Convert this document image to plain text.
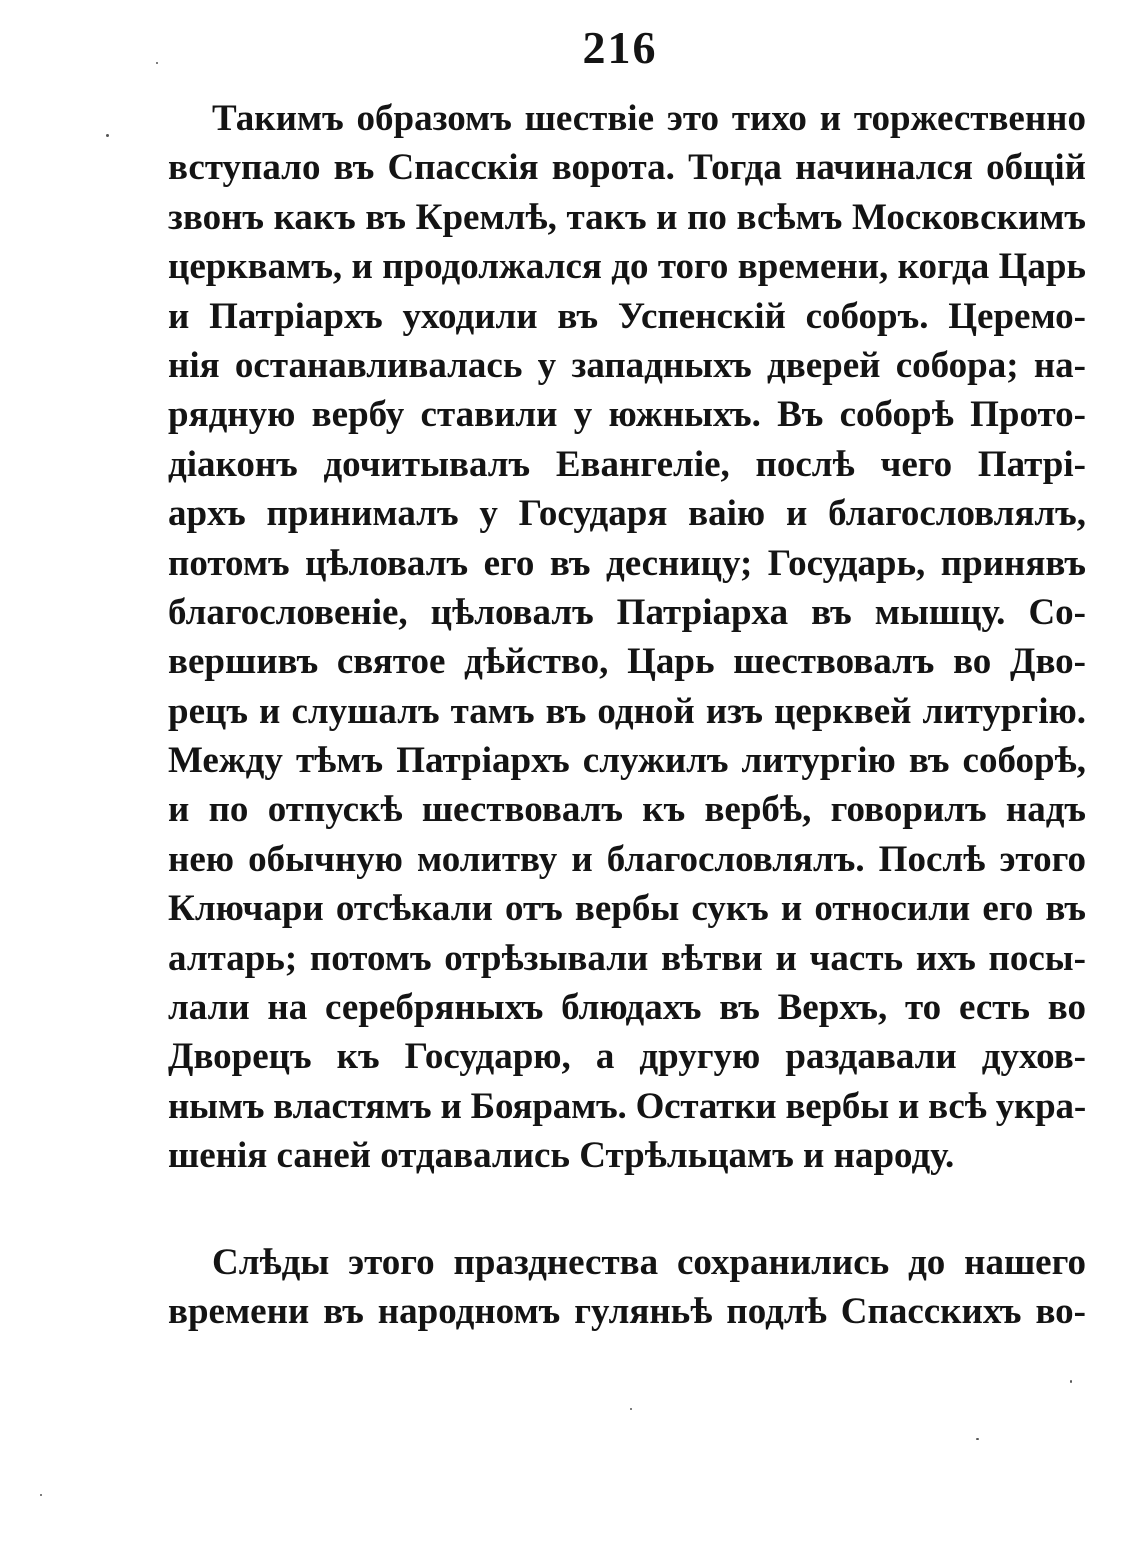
216
Такимъ образомъ шествіе это тихо и торжественно
вступало въ Спасскія ворота. Тогда начинался общій
звонъ какъ въ Кремлѣ, такъ и по всѣмъ Московскимъ
церквамъ, и продолжался до того времени, когда Царь
и Патріархъ уходили въ Успенскій соборъ. Церемо-
нія останавливалась у западныхъ дверей собора; на-
рядную вербу ставили у южныхъ. Въ соборѣ Прото-
діаконъ дочитывалъ Евангеліе, послѣ чего Патрі-
архъ принималъ у Государя ваію и благословлялъ,
потомъ цѣловалъ его въ десницу; Государь, принявъ
благословеніе, цѣловалъ Патріарха въ мышцу. Со-
вершивъ святое дѣйство, Царь шествовалъ во Дво-
рецъ и слушалъ тамъ въ одной изъ церквей литургію.
Между тѣмъ Патріархъ служилъ литургію въ соборѣ,
и по отпускѣ шествовалъ къ вербѣ, говорилъ надъ
нею обычную молитву и благословлялъ. Послѣ этого
Ключари отсѣкали отъ вербы сукъ и относили его въ
алтарь; потомъ отрѣзывали вѣтви и часть ихъ посы-
лали на серебряныхъ блюдахъ въ Верхъ, то есть во
Дворецъ къ Государю, а другую раздавали духов-
нымъ властямъ и Боярамъ. Остатки вербы и всѣ укра-
шенія саней отдавались Стрѣльцамъ и народу.
Слѣды этого празднества сохранились до нашего
времени въ народномъ гуляньѣ подлѣ Спасскихъ во-
